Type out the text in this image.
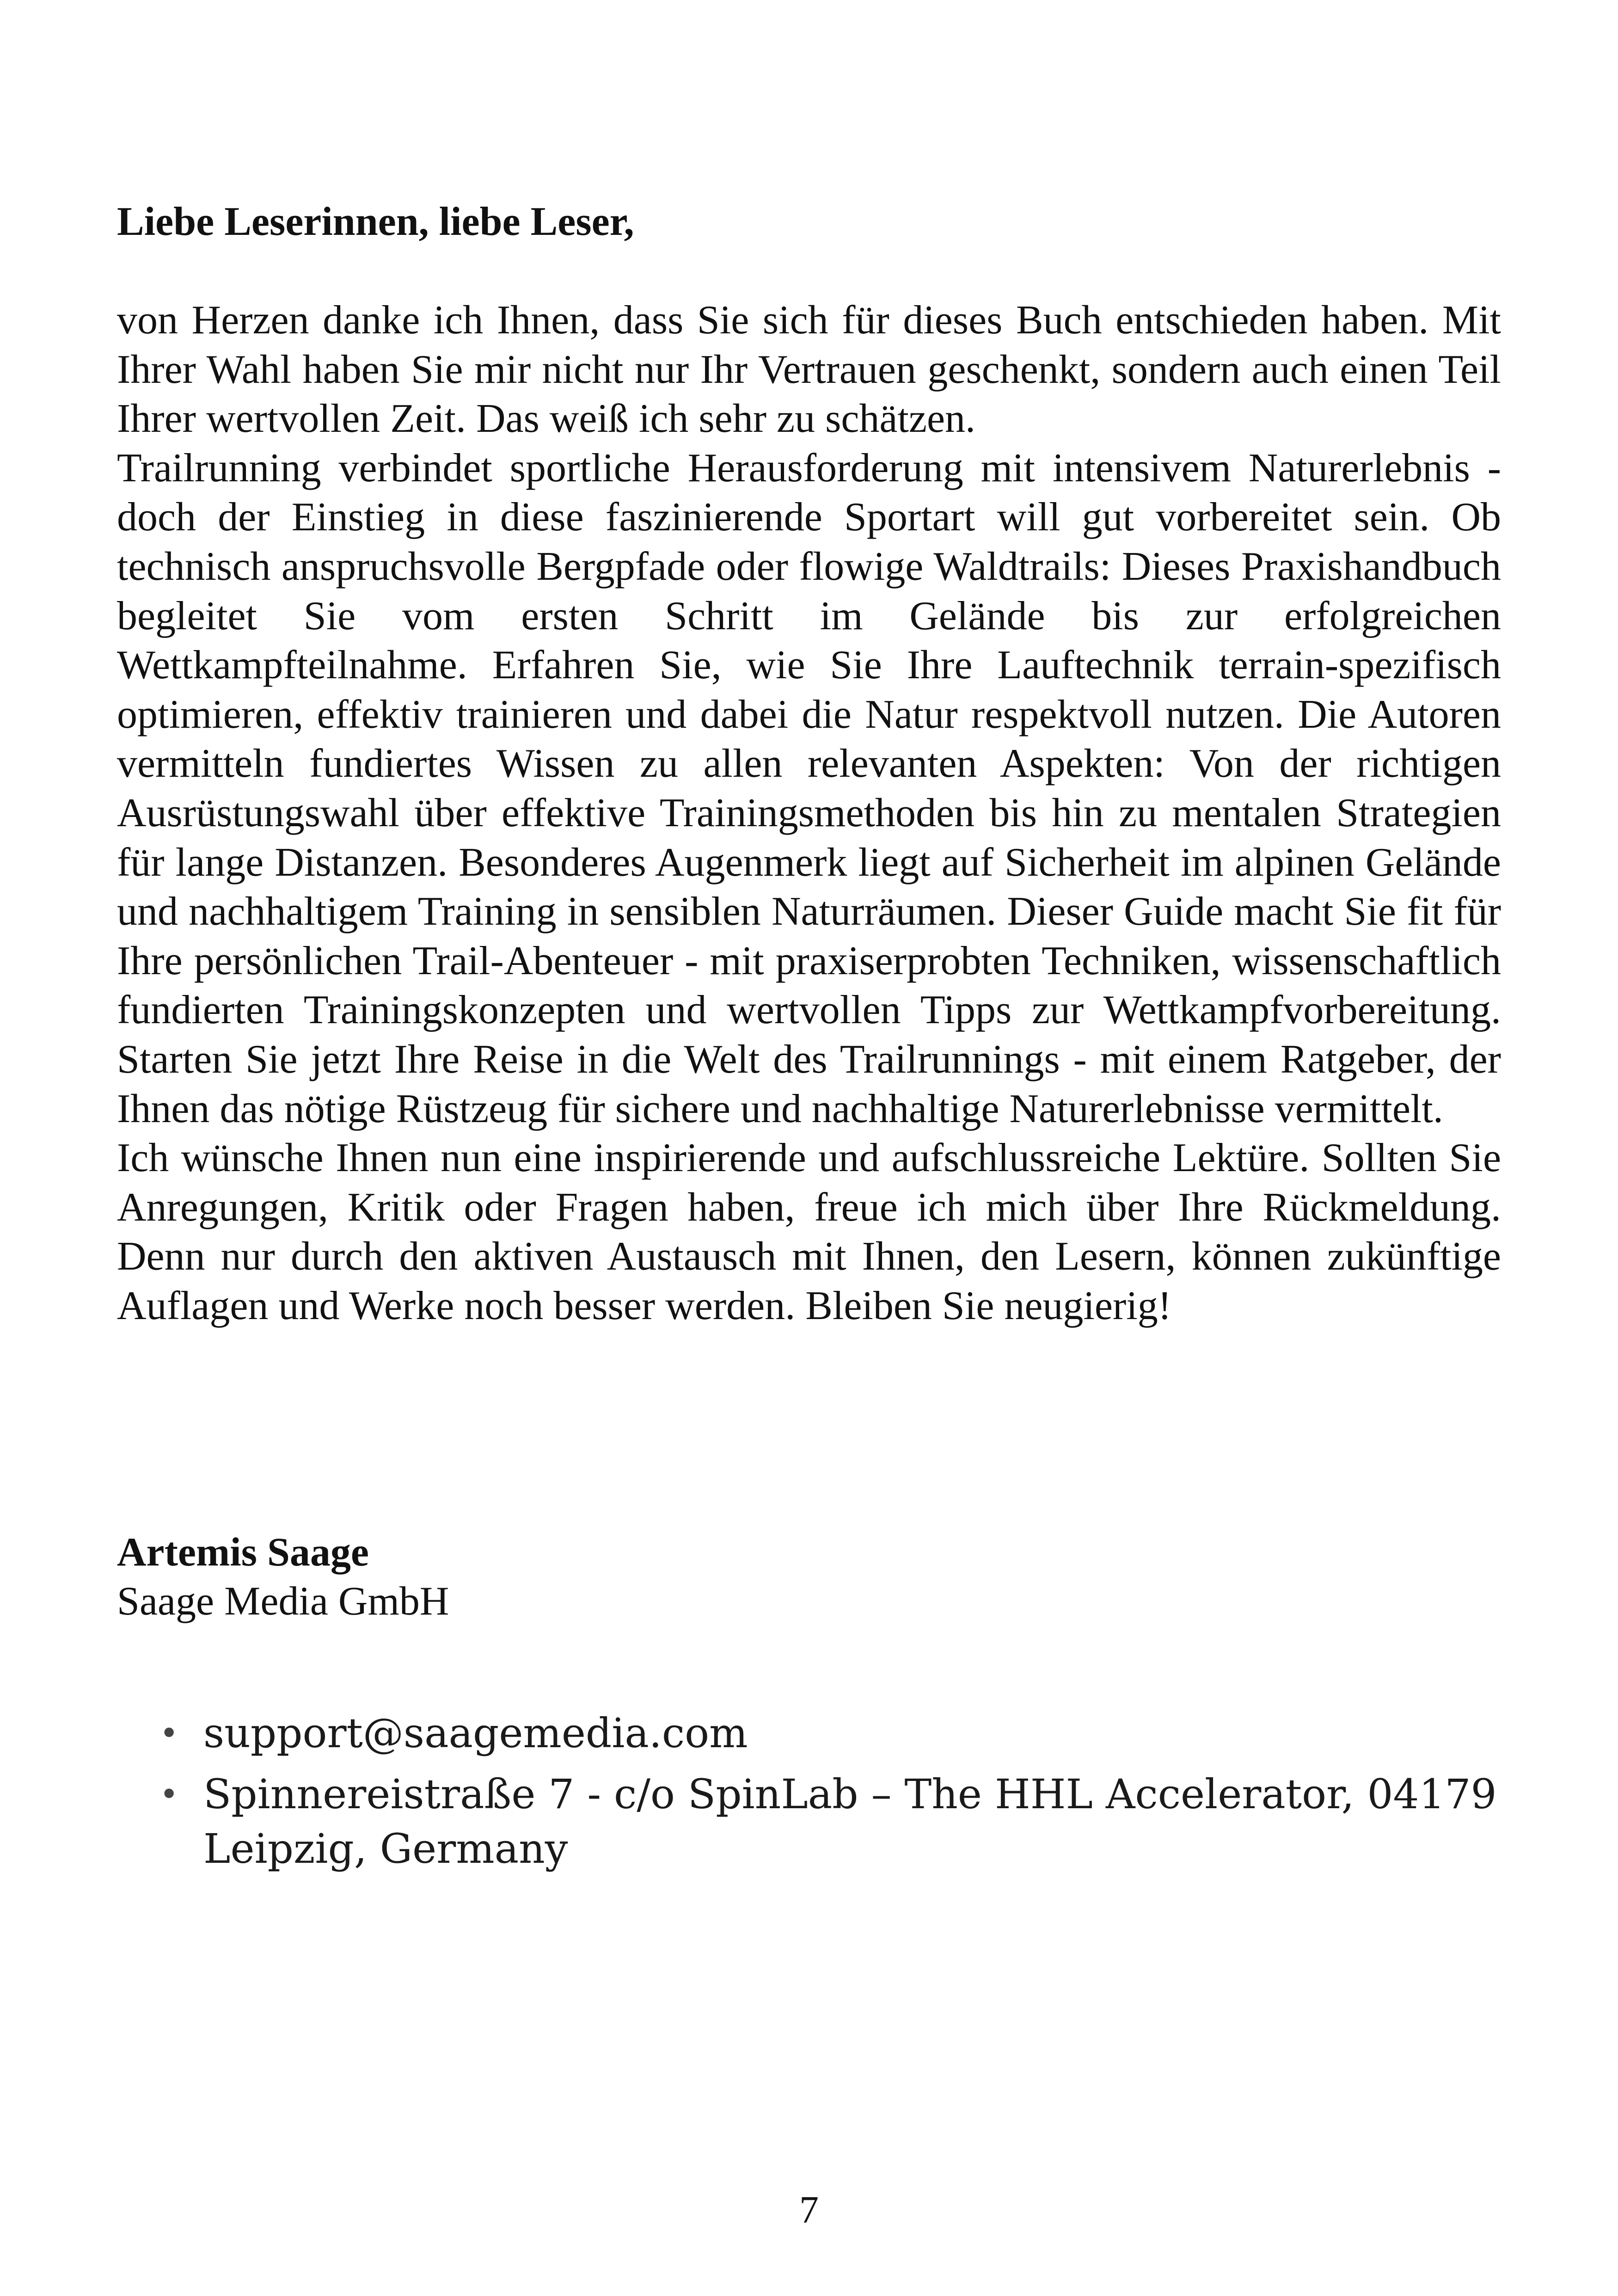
Liebe Leserinnen, liebe Leser,

von Herzen danke ich Ihnen, dass Sie sich für dieses Buch entschieden haben. Mit Ihrer Wahl haben Sie mir nicht nur Ihr Vertrauen geschenkt, sondern auch einen Teil Ihrer wertvollen Zeit. Das weiß ich sehr zu schätzen.

Trailrunning verbindet sportliche Herausforderung mit intensivem Naturerlebnis - doch der Einstieg in diese faszinierende Sportart will gut vorbereitet sein. Ob technisch anspruchsvolle Bergpfade oder flowige Waldtrails: Dieses Praxishandbuch begleitet Sie vom ersten Schritt im Gelände bis zur erfolgreichen Wettkampfteilnahme. Erfahren Sie, wie Sie Ihre Lauftechnik terrain-spezifisch optimieren, effektiv trainieren und dabei die Natur respektvoll nutzen. Die Autoren vermitteln fundiertes Wissen zu allen relevanten Aspekten: Von der richtigen Ausrüstungswahl über effektive Trainingsmethoden bis hin zu mentalen Strategien für lange Distanzen. Besonderes Augenmerk liegt auf Sicherheit im alpinen Gelände und nachhaltigem Training in sensiblen Naturräumen. Dieser Guide macht Sie fit für Ihre persönlichen Trail-Abenteuer - mit praxiserprobten Techniken, wissenschaftlich fundierten Trainingskonzepten und wertvollen Tipps zur Wettkampfvorbereitung. Starten Sie jetzt Ihre Reise in die Welt des Trailrunnings - mit einem Ratgeber, der Ihnen das nötige Rüstzeug für sichere und nachhaltige Naturerlebnisse vermittelt.

Ich wünsche Ihnen nun eine inspirierende und aufschlussreiche Lektüre. Sollten Sie Anregungen, Kritik oder Fragen haben, freue ich mich über Ihre Rückmeldung. Denn nur durch den aktiven Austausch mit Ihnen, den Lesern, können zukünftige Auflagen und Werke noch besser werden. Bleiben Sie neugierig!

Artemis Saage

Saage Media GmbH

• support@saagemedia.com
• Spinnereistraße 7 - c/o SpinLab – The HHL Accelerator, 04179 Leipzig, Germany

7
